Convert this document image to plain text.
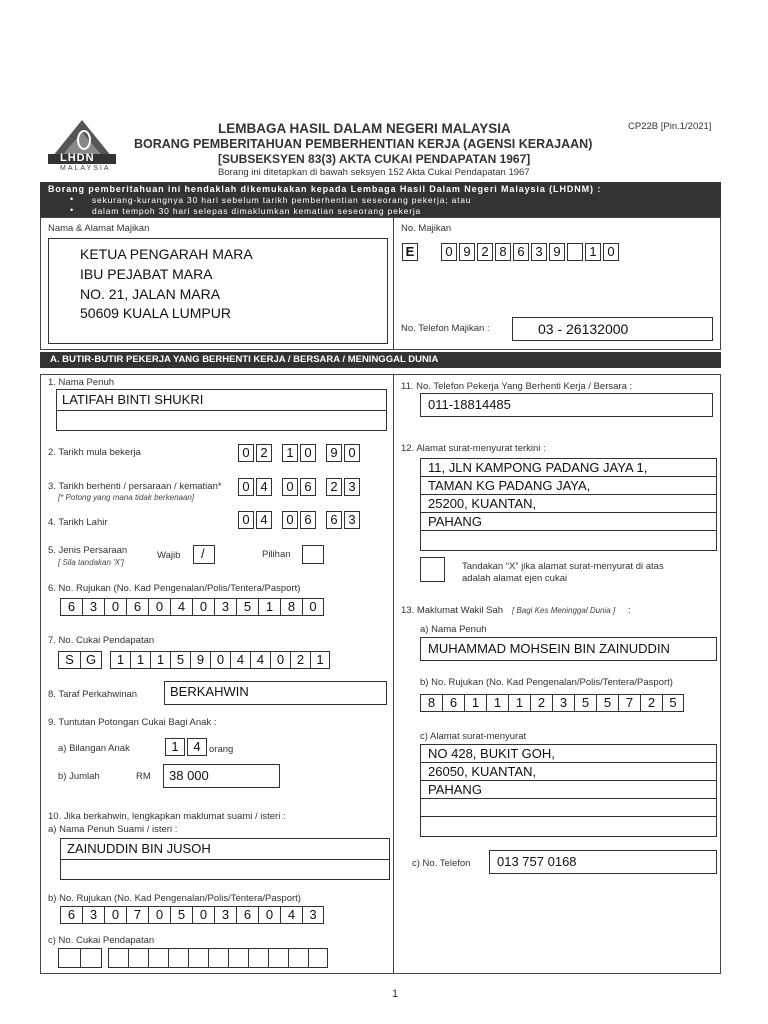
LHDN
MALAYSIA
LEMBAGA HASIL DALAM NEGERI MALAYSIA
BORANG PEMBERITAHUAN PEMBERHENTIAN KERJA (AGENSI KERAJAAN)
[SUBSEKSYEN 83(3) AKTA CUKAI PENDAPATAN 1967]
Borang ini ditetapkan di bawah seksyen 152 Akta Cukai Pendapatan 1967
CP22B [Pin.1/2021]
Borang pemberitahuan ini hendaklah dikemukakan kepada Lembaga Hasil Dalam Negeri Malaysia (LHDNM) :
• sekurang-kurangnya 30 hari sebelum tarikh pemberhentian seseorang pekerja; atau
• dalam tempoh 30 hari selepas dimaklumkan kematian seseorang pekerja
Nama & Alamat Majikan
KETUA PENGARAH MARA
IBU PEJABAT MARA
NO. 21, JALAN MARA
50609 KUALA LUMPUR
No. Majikan
E	0 9 2 8 6 3 9	1 0
No. Telefon Majikan :	03 - 26132000
A. BUTIR-BUTIR PEKERJA YANG BERHENTI KERJA / BERSARA / MENINGGAL DUNIA
1. Nama Penuh
LATIFAH BINTI SHUKRI
2. Tarikh mula bekerja	0 2	1 0	9 0
3. Tarikh berhenti / persaraan / kematian*
[* Potong yang mana tidak berkenaan]
0 4	0 6	2 3
4. Tarikh Lahir	0 4	0 6	6 3
5. Jenis Persaraan
[ Sila tandakan 'X']
Wajib /	Pilihan
6. No. Rujukan (No. Kad Pengenalan/Polis/Tentera/Pasport)
6	3	0	6	0	4	0	3	5	1	8	0
7. No. Cukai Pendapatan
S G	1 1 1 5 9 0 4 4 0 2 1
8. Taraf Perkahwinan	BERKAHWIN
9. Tuntutan Potongan Cukai Bagi Anak :
a) Bilangan Anak	1	4 orang
b) Jumlah	RM 38 000
10. Jika berkahwin, lengkapkan maklumat suami / isteri :
a) Nama Penuh Suami / isteri :
ZAINUDDIN BIN JUSOH
b) No. Rujukan (No. Kad Pengenalan/Polis/Tentera/Pasport)
6	3	0	7	0	5	0	3	6	0	4	3
c) No. Cukai Pendapatan
11. No. Telefon Pekerja Yang Berhenti Kerja / Bersara :
011-18814485
12. Alamat surat-menyurat terkini :
11, JLN KAMPONG PADANG JAYA 1,
TAMAN KG PADANG JAYA,
25200, KUANTAN,
PAHANG
Tandakan “X” jika alamat surat-menyurat di atas
adalah alamat ejen cukai
13. Maklumat Wakil Sah [ Bagi Kes Meninggal Dunia ] :
a) Nama Penuh
MUHAMMAD MOHSEIN BIN ZAINUDDIN
b) No. Rujukan (No. Kad Pengenalan/Polis/Tentera/Pasport)
8	6	1	1	1	2	3	5	5	7	2	5
c) Alamat surat-menyurat
NO 428, BUKIT GOH,
26050, KUANTAN,
PAHANG
c) No. Telefon 013 757 0168
1
